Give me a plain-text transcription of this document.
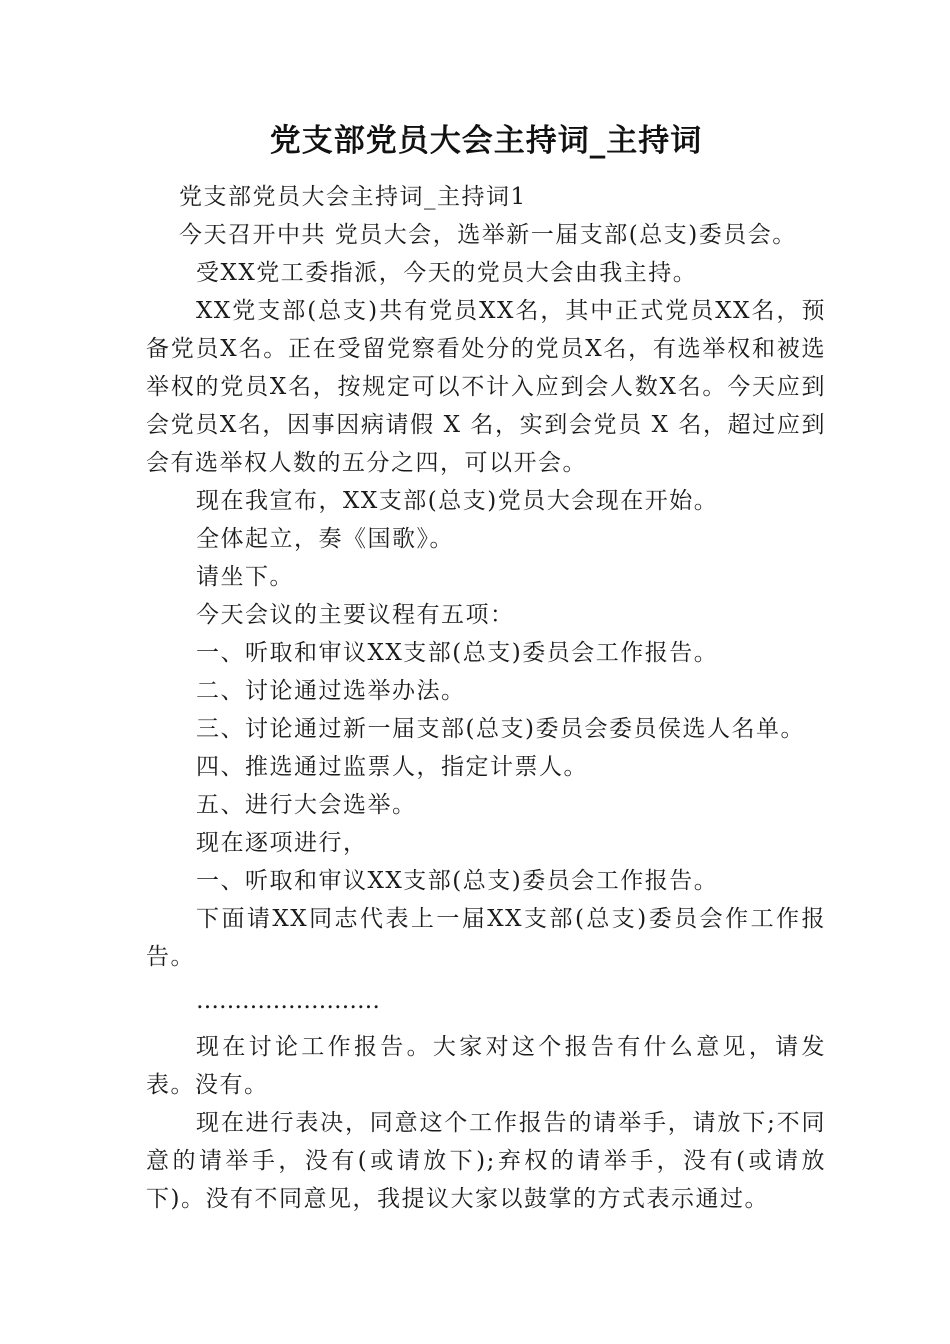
党支部党员大会主持词_主持词

党支部党员大会主持词_主持词1

今天召开中共 党员大会，选举新一届支部(总支)委员会。

受XX党工委指派，今天的党员大会由我主持。

XX党支部(总支)共有党员XX名，其中正式党员XX名，预备党员X名。正在受留党察看处分的党员X名，有选举权和被选举权的党员X名，按规定可以不计入应到会人数X名。今天应到会党员X名，因事因病请假 X 名，实到会党员 X 名，超过应到会有选举权人数的五分之四，可以开会。

现在我宣布，XX支部(总支)党员大会现在开始。

全体起立，奏《国歌》。

请坐下。

今天会议的主要议程有五项：

一、听取和审议XX支部(总支)委员会工作报告。

二、讨论通过选举办法。

三、讨论通过新一届支部(总支)委员会委员侯选人名单。

四、推选通过监票人，指定计票人。

五、进行大会选举。

现在逐项进行，

一、听取和审议XX支部(总支)委员会工作报告。

下面请XX同志代表上一届XX支部(总支)委员会作工作报告。

……………………

现在讨论工作报告。大家对这个报告有什么意见，请发表。没有。

现在进行表决，同意这个工作报告的请举手，请放下;不同意的请举手，没有(或请放下);弃权的请举手，没有(或请放下)。没有不同意见，我提议大家以鼓掌的方式表示通过。
